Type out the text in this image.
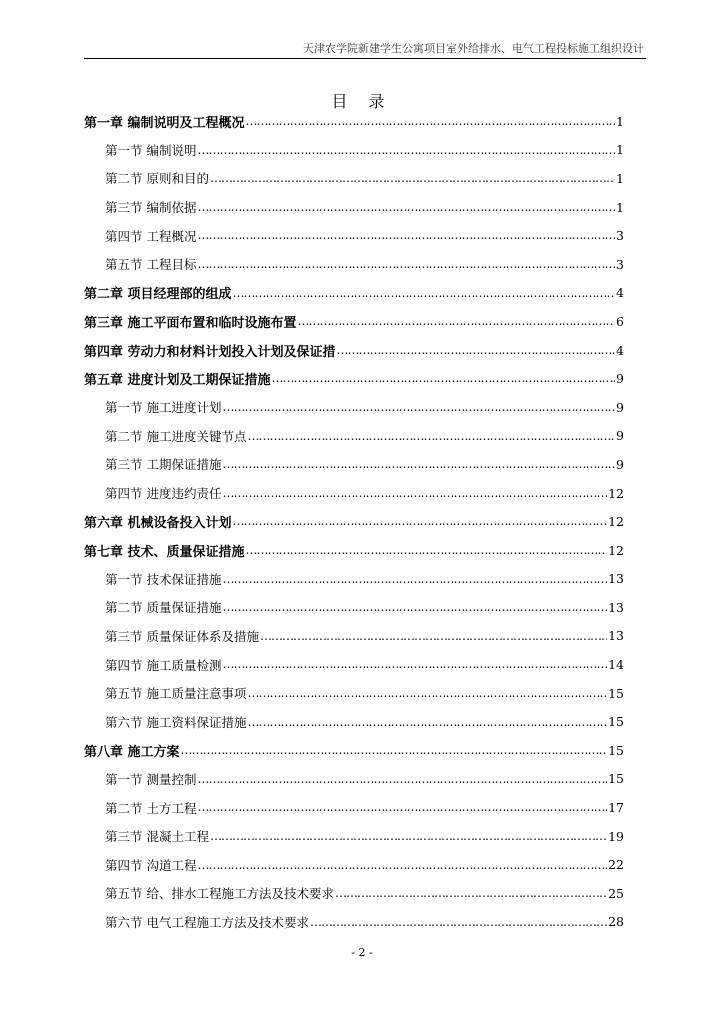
天津农学院新建学生公寓项目室外给排水、电气工程投标施工组织设计
目 录
第一章 编制说明及工程概况 ………………………………………………………………………………………………………………………………………………………………………………………………………………………………………………	1
第一节 编制说明 ………………………………………………………………………………………………………………………………………………………………………………………………………………………………………………	1
第二节 原则和目的 ………………………………………………………………………………………………………………………………………………………………………………………………………………………………………………	1
第三节 编制依据 ………………………………………………………………………………………………………………………………………………………………………………………………………………………………………………	1
第四节 工程概况 ………………………………………………………………………………………………………………………………………………………………………………………………………………………………………………	3
第五节 工程目标 ………………………………………………………………………………………………………………………………………………………………………………………………………………………………………………	3
第二章 项目经理部的组成 ………………………………………………………………………………………………………………………………………………………………………………………………………………………………………………	4
第三章 施工平面布置和临时设施布置 ………………………………………………………………………………………………………………………………………………………………………………………………………………………………………………	6
第四章 劳动力和材料计划投入计划及保证措 ………………………………………………………………………………………………………………………………………………………………………………………………………………………………………………	4
第五章 进度计划及工期保证措施 ………………………………………………………………………………………………………………………………………………………………………………………………………………………………………………	9
第一节 施工进度计划 ………………………………………………………………………………………………………………………………………………………………………………………………………………………………………………	9
第二节 施工进度关键节点 ………………………………………………………………………………………………………………………………………………………………………………………………………………………………………………	9
第三节 工期保证措施 ………………………………………………………………………………………………………………………………………………………………………………………………………………………………………………	9
第四节 进度违约责任 ………………………………………………………………………………………………………………………………………………………………………………………………………………………………………………	12
第六章 机械设备投入计划 ………………………………………………………………………………………………………………………………………………………………………………………………………………………………………………	12
第七章 技术、质量保证措施 ………………………………………………………………………………………………………………………………………………………………………………………………………………………………………………	12
第一节 技术保证措施 ………………………………………………………………………………………………………………………………………………………………………………………………………………………………………………	13
第二节 质量保证措施 ………………………………………………………………………………………………………………………………………………………………………………………………………………………………………………	13
第三节 质量保证体系及措施 ………………………………………………………………………………………………………………………………………………………………………………………………………………………………………………	13
第四节 施工质量检测 ………………………………………………………………………………………………………………………………………………………………………………………………………………………………………………	14
第五节 施工质量注意事项 ………………………………………………………………………………………………………………………………………………………………………………………………………………………………………………	15
第六节 施工资料保证措施 ………………………………………………………………………………………………………………………………………………………………………………………………………………………………………………	15
第八章 施工方案 ………………………………………………………………………………………………………………………………………………………………………………………………………………………………………………	15
第一节 测量控制 ………………………………………………………………………………………………………………………………………………………………………………………………………………………………………………	15
第二节 土方工程 ………………………………………………………………………………………………………………………………………………………………………………………………………………………………………………	17
第三节 混凝土工程 ………………………………………………………………………………………………………………………………………………………………………………………………………………………………………………	19
第四节 沟道工程 ………………………………………………………………………………………………………………………………………………………………………………………………………………………………………………	22
第五节 给、排水工程施工方法及技术要求 ………………………………………………………………………………………………………………………………………………………………………………………………………………………………………………	25
第六节 电气工程施工方法及技术要求 ………………………………………………………………………………………………………………………………………………………………………………………………………………………………………………	28
- 2 -
